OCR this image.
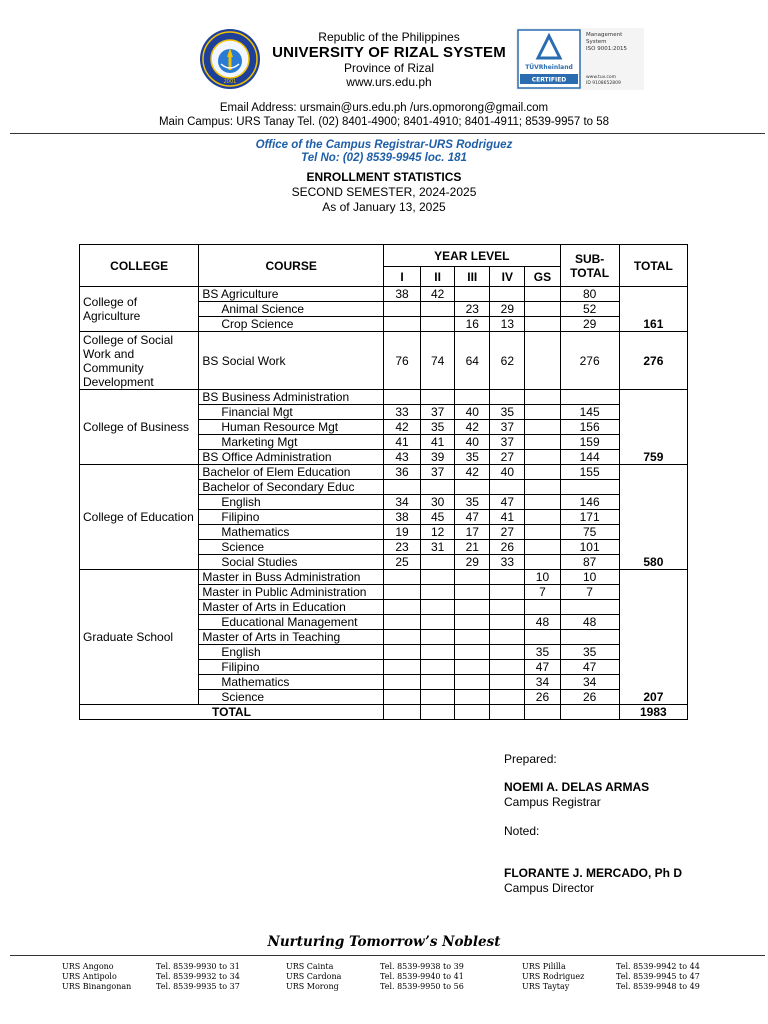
2001
Republic of the Philippines
UNIVERSITY OF RIZAL SYSTEM
Province of Rizal
www.urs.edu.ph
TÜVRheinland
CERTIFIED
Management
System
ISO 9001:2015
www.tuv.com
ID 9108652809
Email Address: ursmain@urs.edu.ph /urs.opmorong@gmail.com
Main Campus: URS Tanay Tel. (02) 8401-4900; 8401-4910; 8401-4911; 8539-9957 to 58
Office of the Campus Registrar-URS Rodriguez
Tel No: (02) 8539-9945 loc. 181
ENROLLMENT STATISTICS
SECOND SEMESTER, 2024-2025
As of January 13, 2025
COLLEGE	COURSE	YEAR LEVEL					SUB-
TOTAL	TOTAL
		I	II	III	IV	GS		
College of Agriculture	BS Agriculture	38	42				80	
	Animal Science			23	29		52	
	Crop Science			16	13		29	161
College of Social Work and Community Development	BS Social Work	76	74	64	62		276	276
College of Business	BS Business Administration							
	Financial Mgt	33	37	40	35		145	
	Human Resource Mgt	42	35	42	37		156	
	Marketing Mgt	41	41	40	37		159	
	BS Office Administration	43	39	35	27		144	759
College of Education	Bachelor of Elem Education	36	37	42	40		155	
	Bachelor of Secondary Educ							
	English	34	30	35	47		146	
	Filipino	38	45	47	41		171	
	Mathematics	19	12	17	27		75	
	Science	23	31	21	26		101	
	Social Studies	25		29	33		87	580
Graduate School	Master in Buss Administration					10	10	
	Master in Public Administration					7	7	
	Master of Arts in Education							
	Educational Management					48	48	
	Master of Arts in Teaching							
	English					35	35	
	Filipino					47	47	
	Mathematics					34	34	
	Science					26	26	207
TOTAL								1983
Prepared:
NOEMI A. DELAS ARMAS
Campus Registrar
Noted:
FLORANTE J. MERCADO, Ph D
Campus Director
Nurturing Tomorrow’s Noblest
URS Angono	Tel. 8539-9930 to 31
URS Antipolo	Tel. 8539-9932 to 34
URS Binangonan	Tel. 8539-9935 to 37
URS Cainta	Tel. 8539-9938 to 39
URS Cardona	Tel. 8539-9940 to 41
URS Morong	Tel. 8539-9950 to 56
URS Pililla	Tel. 8539-9942 to 44
URS Rodriguez	Tel. 8539-9945 to 47
URS Taytay	Tel. 8539-9948 to 49
